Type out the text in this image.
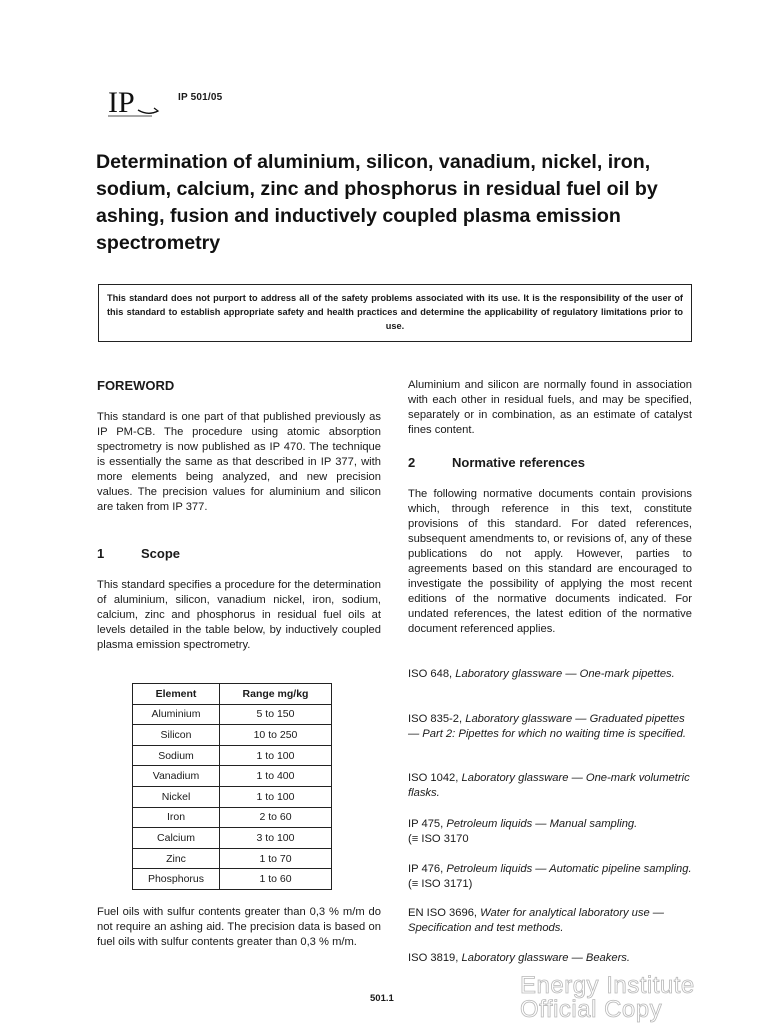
IP	IP 501/05
Determination of aluminium, silicon, vanadium, nickel, iron, sodium, calcium, zinc and phosphorus in residual fuel oil by ashing, fusion and inductively coupled plasma emission spectrometry
This standard does not purport to address all of the safety problems associated with its use. It is the responsibility of the user of this standard to establish appropriate safety and health practices and determine the applicability of regulatory limitations prior to use.
FOREWORD
This standard is one part of that published previously as IP PM-CB. The procedure using atomic absorption spectrometry is now published as IP 470. The technique is essentially the same as that described in IP 377, with more elements being analyzed, and new precision values. The precision values for aluminium and silicon are taken from IP 377.
1	Scope
This standard specifies a procedure for the determination of aluminium, silicon, vanadium nickel, iron, sodium, calcium, zinc and phosphorus in residual fuel oils at levels detailed in the table below, by inductively coupled plasma emission spectrometry.
Element	Range mg/kg
Aluminium	5 to 150
Silicon	10 to 250
Sodium	1 to 100
Vanadium	1 to 400
Nickel	1 to 100
Iron	2 to 60
Calcium	3 to 100
Zinc	1 to 70
Phosphorus	1 to 60
Fuel oils with sulfur contents greater than 0,3 % m/m do not require an ashing aid. The precision data is based on fuel oils with sulfur contents greater than 0,3 % m/m.
Aluminium and silicon are normally found in association with each other in residual fuels, and may be specified, separately or in combination, as an estimate of catalyst fines content.
2	Normative references
The following normative documents contain provisions which, through reference in this text, constitute provisions of this standard. For dated references, subsequent amendments to, or revisions of, any of these publications do not apply. However, parties to agreements based on this standard are encouraged to investigate the possibility of applying the most recent editions of the normative documents indicated. For undated references, the latest edition of the normative document referenced applies.
ISO 648, Laboratory glassware — One-mark pipettes.
ISO 835-2, Laboratory glassware — Graduated pipettes — Part 2: Pipettes for which no waiting time is specified.
ISO 1042, Laboratory glassware — One-mark volumetric flasks.
IP 475, Petroleum liquids — Manual sampling.
(≡ ISO 3170
IP 476, Petroleum liquids — Automatic pipeline sampling. (≡ ISO 3171)
EN ISO 3696, Water for analytical laboratory use — Specification and test methods.
ISO 3819, Laboratory glassware — Beakers.
501.1	Energy Institute
Official Copy
